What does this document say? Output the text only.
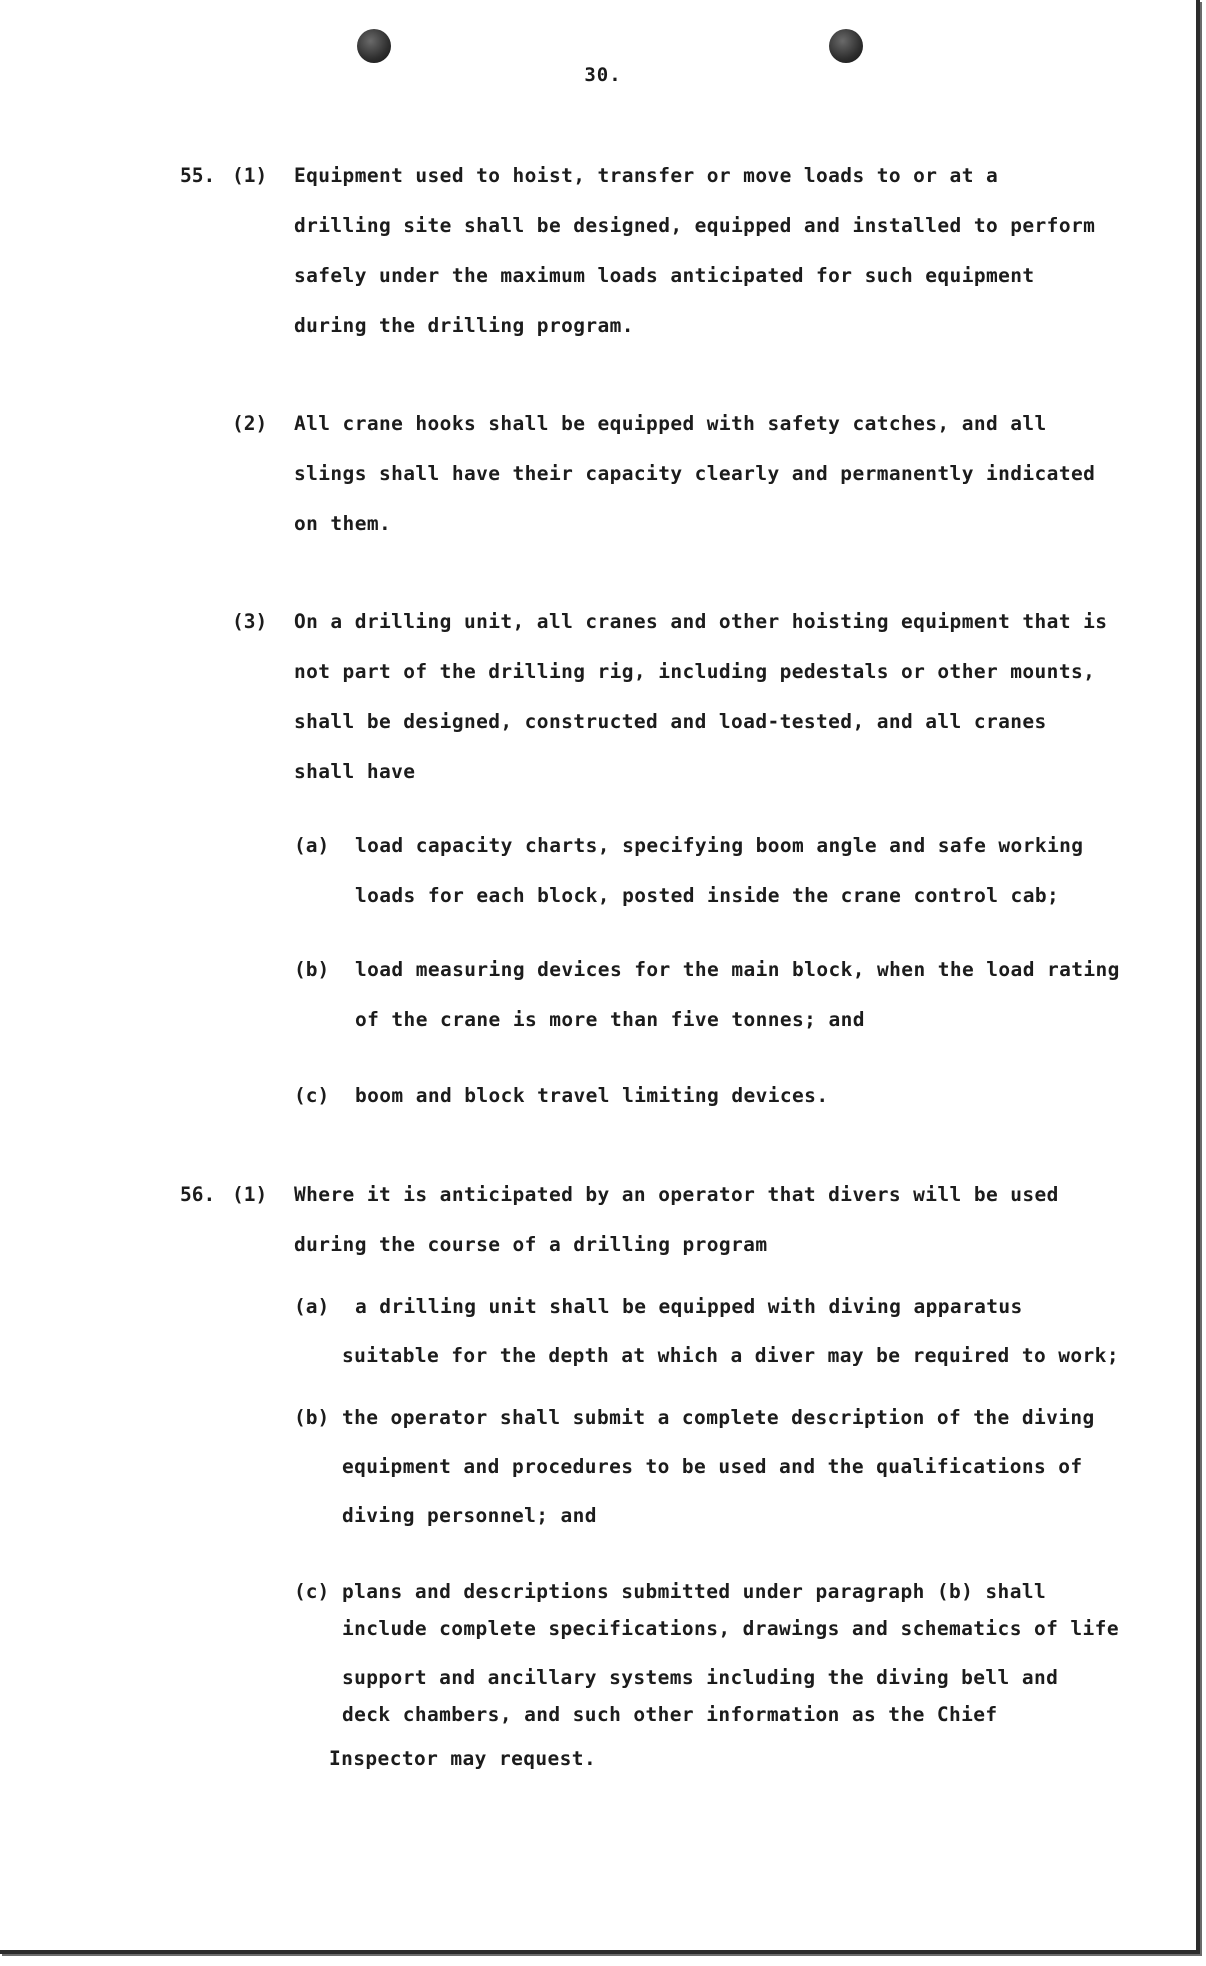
30.
55. (1) Equipment used to hoist, transfer or move loads to or at a
drilling site shall be designed, equipped and installed to perform
safely under the maximum loads anticipated for such equipment
during the drilling program.
(2) All crane hooks shall be equipped with safety catches, and all
slings shall have their capacity clearly and permanently indicated
on them.
(3) On a drilling unit, all cranes and other hoisting equipment that is
not part of the drilling rig, including pedestals or other mounts,
shall be designed, constructed and load-tested, and all cranes
shall have
(a) load capacity charts, specifying boom angle and safe working
loads for each block, posted inside the crane control cab;
(b) load measuring devices for the main block, when the load rating
of the crane is more than five tonnes; and
(c) boom and block travel limiting devices.
56. (1) Where it is anticipated by an operator that divers will be used
during the course of a drilling program
(a) a drilling unit shall be equipped with diving apparatus
suitable for the depth at which a diver may be required to work;
(b) the operator shall submit a complete description of the diving
equipment and procedures to be used and the qualifications of
diving personnel; and
(c) plans and descriptions submitted under paragraph (b) shall
include complete specifications, drawings and schematics of life
support and ancillary systems including the diving bell and
deck chambers, and such other information as the Chief
Inspector may request.
